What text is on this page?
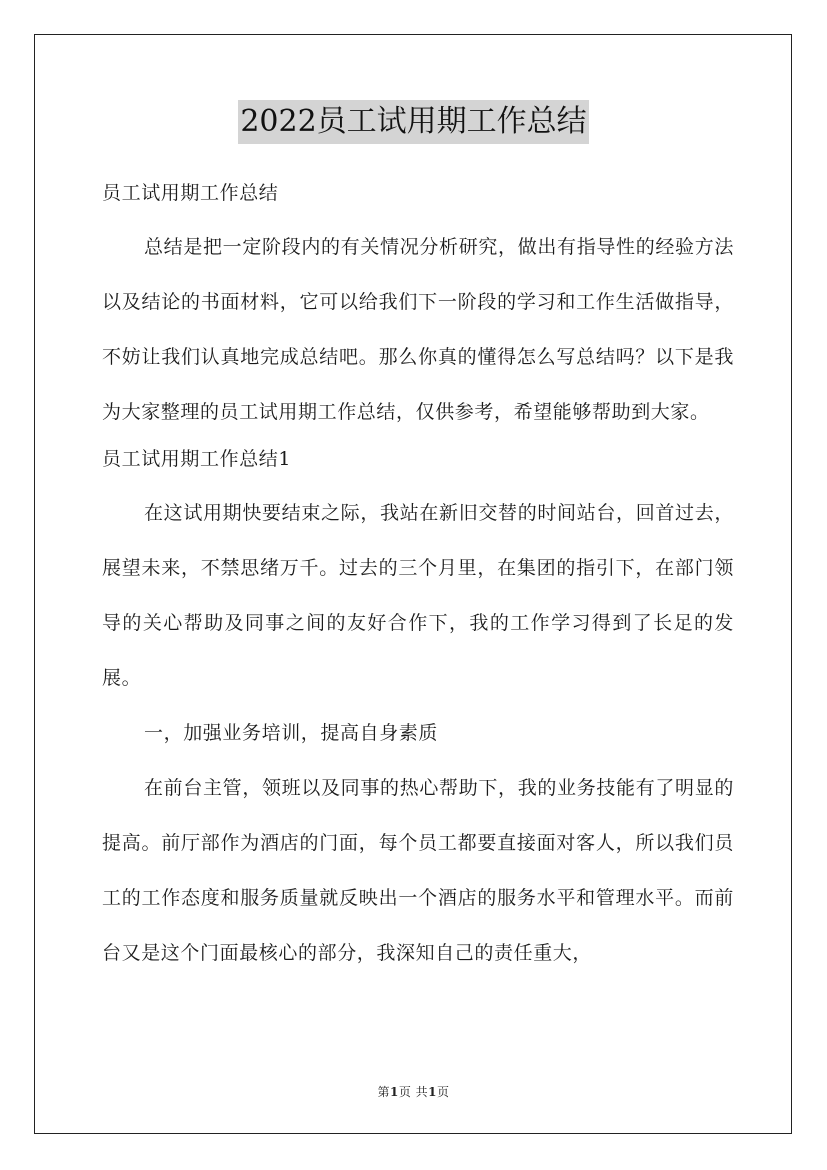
2022员工试用期工作总结

员工试用期工作总结

总结是把一定阶段内的有关情况分析研究，做出有指导性的经验方法以及结论的书面材料，它可以给我们下一阶段的学习和工作生活做指导，不妨让我们认真地完成总结吧。那么你真的懂得怎么写总结吗？以下是我为大家整理的员工试用期工作总结，仅供参考，希望能够帮助到大家。

员工试用期工作总结1

在这试用期快要结束之际，我站在新旧交替的时间站台，回首过去，展望未来，不禁思绪万千。过去的三个月里，在集团的指引下，在部门领导的关心帮助及同事之间的友好合作下，我的工作学习得到了长足的发展。

一，加强业务培训，提高自身素质

在前台主管，领班以及同事的热心帮助下，我的业务技能有了明显的提高。前厅部作为酒店的门面，每个员工都要直接面对客人，所以我们员工的工作态度和服务质量就反映出一个酒店的服务水平和管理水平。而前台又是这个门面最核心的部分，我深知自己的责任重大，

第1页 共1页
